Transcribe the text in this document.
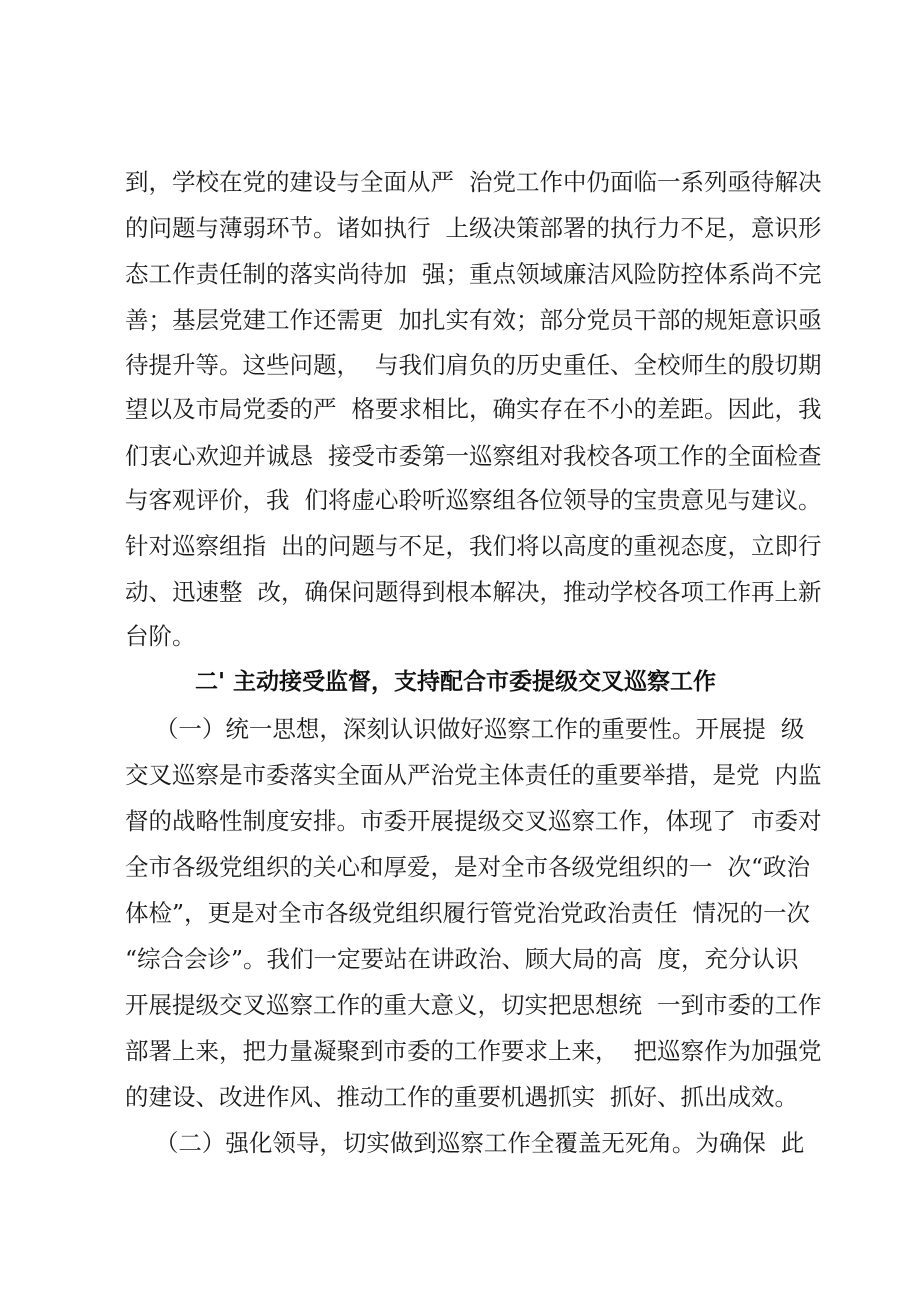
到，学校在党的建设与全面从严  治党工作中仍面临一系列亟待解决

的问题与薄弱环节。诸如执行  上级决策部署的执行力不足，意识形

态工作责任制的落实尚待加  强；重点领域廉洁风险防控体系尚不完

善；基层党建工作还需更  加扎实有效；部分党员干部的规矩意识亟

待提升等。这些问题，  与我们肩负的历史重任、全校师生的殷切期

望以及市局党委的严  格要求相比，确实存在不小的差距。因此，我

们衷心欢迎并诚恳  接受市委第一巡察组对我校各项工作的全面检查

与客观评价，我  们将虚心聆听巡察组各位领导的宝贵意见与建议。

针对巡察组指  出的问题与不足，我们将以高度的重视态度，立即行

动、迅速整  改，确保问题得到根本解决，推动学校各项工作再上新

台阶。

二' 主动接受监督，支持配合市委提级交叉巡察工作

（一）统一思想，深刻认识做好巡察工作的重要性。开展提  级

交叉巡察是市委落实全面从严治党主体责任的重要举措，是党  内监

督的战略性制度安排。市委开展提级交叉巡察工作，体现了  市委对

全市各级党组织的关心和厚爱，是对全市各级党组织的一  次“政治

体检”，更是对全市各级党组织履行管党治党政治责任  情况的一次

“综合会诊”。我们一定要站在讲政治、顾大局的高  度，充分认识

开展提级交叉巡察工作的重大意义，切实把思想统  一到市委的工作

部署上来，把力量凝聚到市委的工作要求上来，  把巡察作为加强党

的建设、改进作风、推动工作的重要机遇抓实  抓好、抓出成效。

（二）强化领导，切实做到巡察工作全覆盖无死角。为确保  此
